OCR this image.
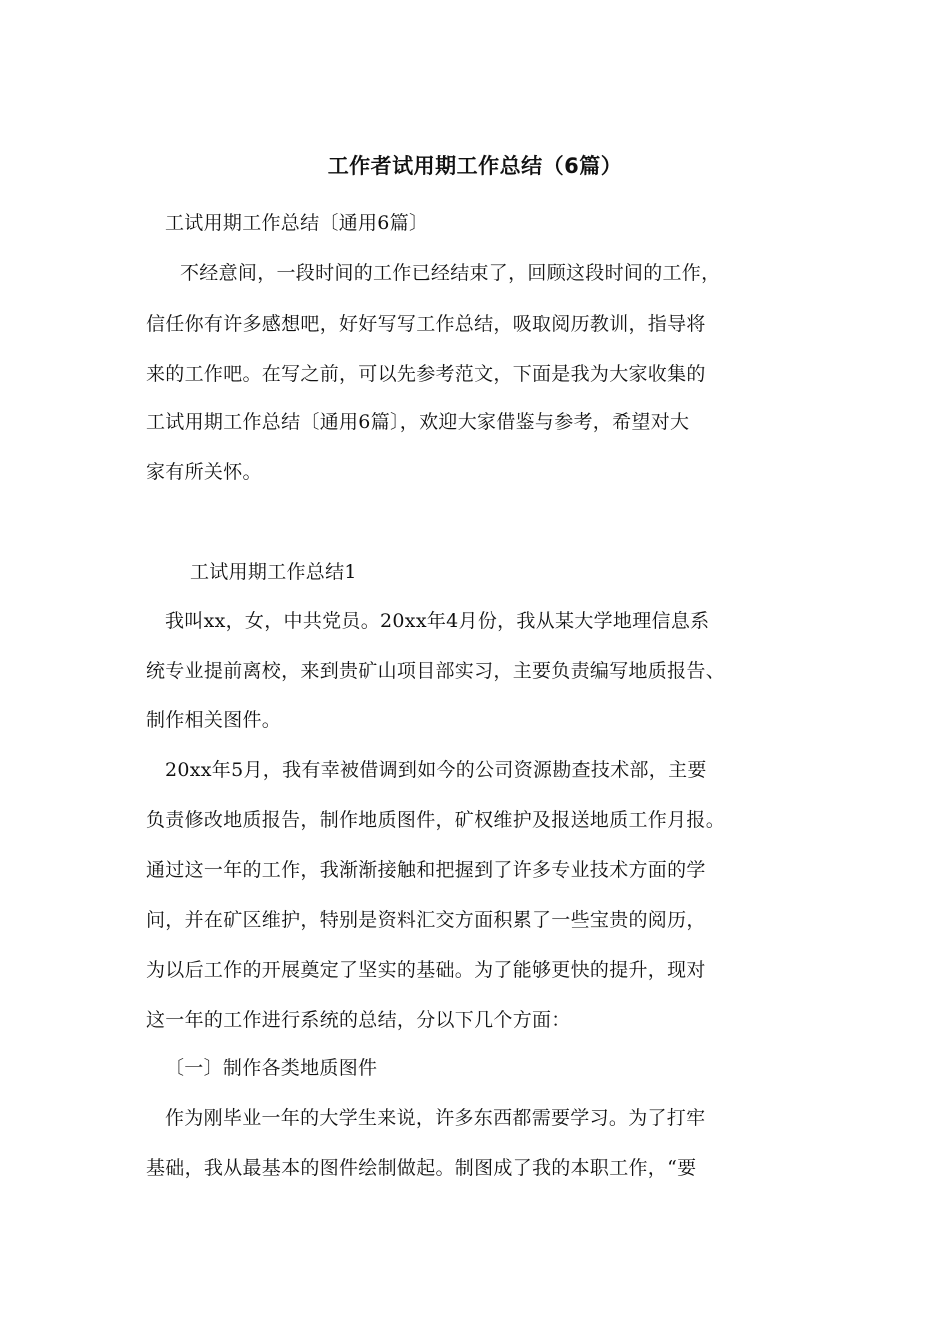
工作者试用期工作总结（6篇）
工试用期工作总结〔通用6篇〕
不经意间，一段时间的工作已经结束了，回顾这段时间的工作，
信任你有许多感想吧，好好写写工作总结，吸取阅历教训，指导将
来的工作吧。在写之前，可以先参考范文，下面是我为大家收集的
工试用期工作总结〔通用6篇〕，欢迎大家借鉴与参考，希望对大
家有所关怀。
工试用期工作总结1
我叫xx，女，中共党员。20xx年4月份，我从某大学地理信息系
统专业提前离校，来到贵矿山项目部实习，主要负责编写地质报告、
制作相关图件。
20xx年5月，我有幸被借调到如今的公司资源勘查技术部，主要
负责修改地质报告，制作地质图件，矿权维护及报送地质工作月报。
通过这一年的工作，我渐渐接触和把握到了许多专业技术方面的学
问，并在矿区维护，特别是资料汇交方面积累了一些宝贵的阅历，
为以后工作的开展奠定了坚实的基础。为了能够更快的提升，现对
这一年的工作进行系统的总结，分以下几个方面：
〔一〕制作各类地质图件
作为刚毕业一年的大学生来说，许多东西都需要学习。为了打牢
基础，我从最基本的图件绘制做起。制图成了我的本职工作，“要
